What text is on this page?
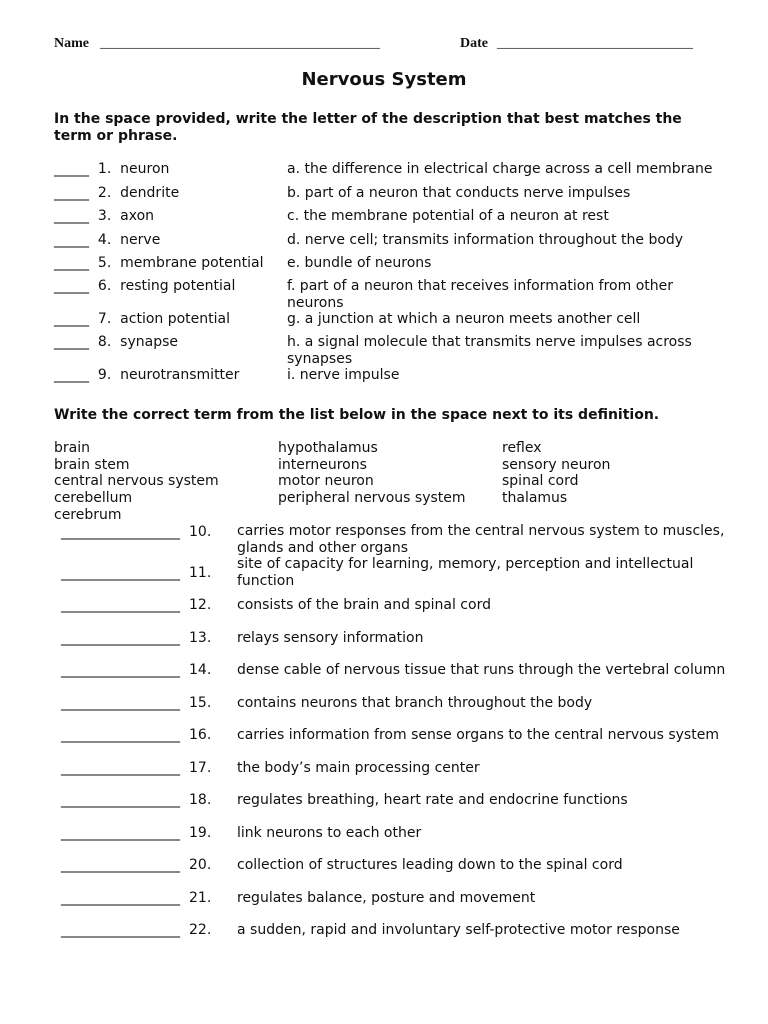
Name ________________________________________	Date ____________________________
Nervous System
In the space provided, write the letter of the description that best matches the term or phrase.
_____ 1. neuron
_____ 2. dendrite
_____ 3. axon
_____ 4. nerve
_____ 5. membrane potential
_____ 6. resting potential
_____ 7. action potential
_____ 8. synapse
_____ 9. neurotransmitter
a. the difference in electrical charge across a cell membrane
b. part of a neuron that conducts nerve impulses
c. the membrane potential of a neuron at rest
d. nerve cell; transmits information throughout the body
e. bundle of neurons
f. part of a neuron that receives information from other neurons
g. a junction at which a neuron meets another cell
h. a signal molecule that transmits nerve impulses across synapses
i. nerve impulse
Write the correct term from the list below in the space next to its definition.
brain
brain stem
central nervous system
cerebellum
cerebrum
hypothalamus
interneurons
motor neuron
peripheral nervous system
reflex
sensory neuron
spinal cord
thalamus
_________________ 10. carries motor responses from the central nervous system to muscles, glands and other organs
_________________ 11.
site of capacity for learning, memory, perception and intellectual function
_________________ 12. consists of the brain and spinal cord
_________________ 13. relays sensory information
_________________ 14. dense cable of nervous tissue that runs through the vertebral column
_________________ 15. contains neurons that branch throughout the body
_________________ 16. carries information from sense organs to the central nervous system
_________________ 17. the body’s main processing center
_________________ 18. regulates breathing, heart rate and endocrine functions
_________________ 19. link neurons to each other
_________________ 20. collection of structures leading down to the spinal cord
_________________ 21. regulates balance, posture and movement
_________________ 22. a sudden, rapid and involuntary self-protective motor response
